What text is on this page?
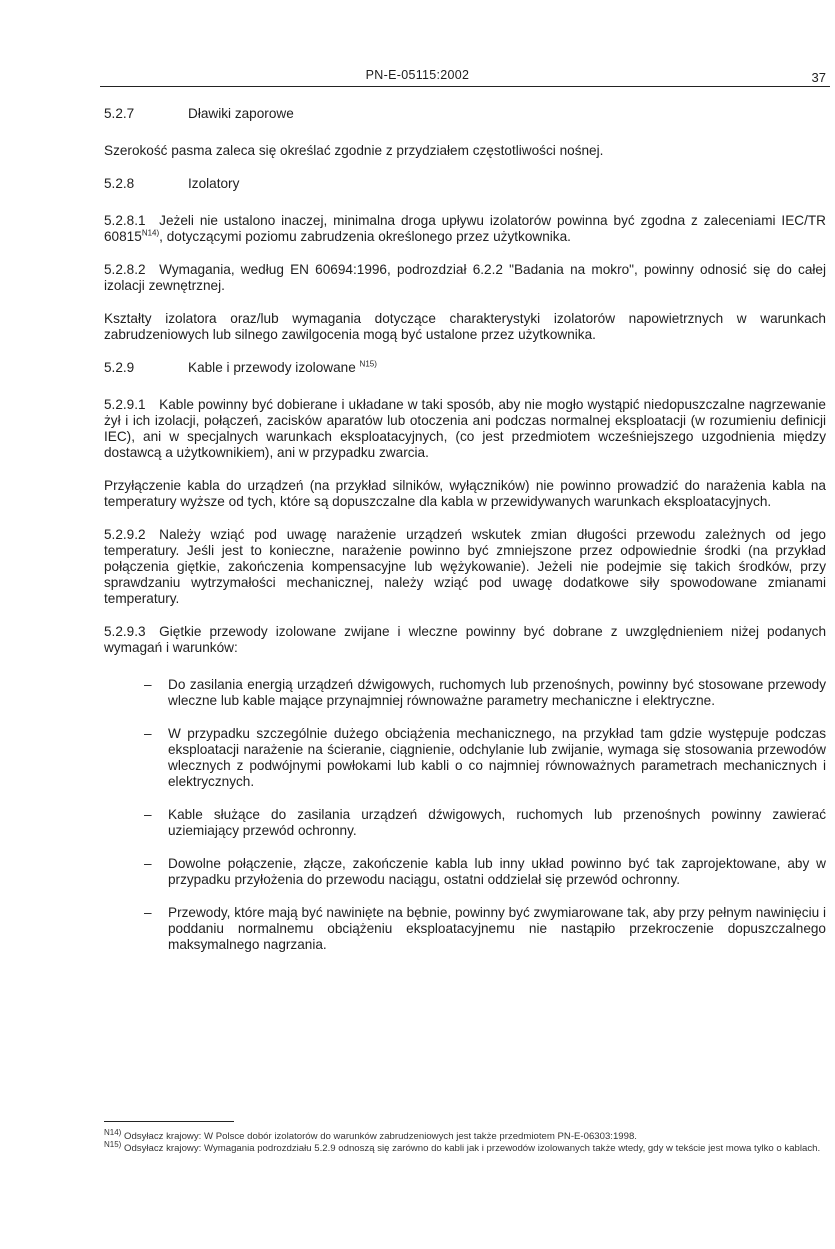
PN-E-05115:2002	37
5.2.7	Dławiki zaporowe

Szerokość pasma zaleca się określać zgodnie z przydziałem częstotliwości nośnej.

5.2.8	Izolatory

5.2.8.1 Jeżeli nie ustalono inaczej, minimalna droga upływu izolatorów powinna być zgodna z zaleceniami IEC/TR $60815^{N14)}$, dotyczącymi poziomu zabrudzenia określonego przez użytkownika.

5.2.8.2 Wymagania, według EN 60694:1996, podrozdział 6.2.2 "Badania na mokro", powinny odnosić się do całej izolacji zewnętrznej.

Kształty izolatora oraz/lub wymagania dotyczące charakterystyki izolatorów napowietrznych w warunkach zabrudzeniowych lub silnego zawilgocenia mogą być ustalone przez użytkownika.

5.2.9	Kable i przewody izolowane $^{N15)}$

5.2.9.1 Kable powinny być dobierane i układane w taki sposób, aby nie mogło wystąpić niedopuszczalne nagrzewanie żył i ich izolacji, połączeń, zacisków aparatów lub otoczenia ani podczas normalnej eksploatacji (w rozumieniu definicji IEC), ani w specjalnych warunkach eksploatacyjnych, (co jest przedmiotem wcześniejszego uzgodnienia między dostawcą a użytkownikiem), ani w przypadku zwarcia.

Przyłączenie kabla do urządzeń (na przykład silników, wyłączników) nie powinno prowadzić do narażenia kabla na temperatury wyższe od tych, które są dopuszczalne dla kabla w przewidywanych warunkach eksploatacyjnych.

5.2.9.2 Należy wziąć pod uwagę narażenie urządzeń wskutek zmian długości przewodu zależnych od jego temperatury. Jeśli jest to konieczne, narażenie powinno być zmniejszone przez odpowiednie środki (na przykład połączenia giętkie, zakończenia kompensacyjne lub wężykowanie). Jeżeli nie podejmie się takich środków, przy sprawdzaniu wytrzymałości mechanicznej, należy wziąć pod uwagę dodatkowe siły spowodowane zmianami temperatury.

5.2.9.3 Giętkie przewody izolowane zwijane i wleczne powinny być dobrane z uwzględnieniem niżej podanych wymagań i warunków:

– Do zasilania energią urządzeń dźwigowych, ruchomych lub przenośnych, powinny być stosowane przewody wleczne lub kable mające przynajmniej równoważne parametry mechaniczne i elektryczne.
– W przypadku szczególnie dużego obciążenia mechanicznego, na przykład tam gdzie występuje podczas eksploatacji narażenie na ścieranie, ciągnienie, odchylanie lub zwijanie, wymaga się stosowania przewodów wlecznych z podwójnymi powłokami lub kabli o co najmniej równoważnych parametrach mechanicznych i elektrycznych.
– Kable służące do zasilania urządzeń dźwigowych, ruchomych lub przenośnych powinny zawierać uziemiający przewód ochronny.
– Dowolne połączenie, złącze, zakończenie kabla lub inny układ powinno być tak zaprojektowane, aby w przypadku przyłożenia do przewodu naciągu, ostatni oddzielał się przewód ochronny.
– Przewody, które mają być nawinięte na bębnie, powinny być zwymiarowane tak, aby przy pełnym nawinięciu i poddaniu normalnemu obciążeniu eksploatacyjnemu nie nastąpiło przekroczenie dopuszczalnego maksymalnego nagrzania.

$^{N14)}$ Odsyłacz krajowy: W Polsce dobór izolatorów do warunków zabrudzeniowych jest także przedmiotem PN-E-06303:1998.

$^{N15)}$ Odsyłacz krajowy: Wymagania podrozdziału 5.2.9 odnoszą się zarówno do kabli jak i przewodów izolowanych także wtedy, gdy w tekście jest mowa tylko o kablach.
